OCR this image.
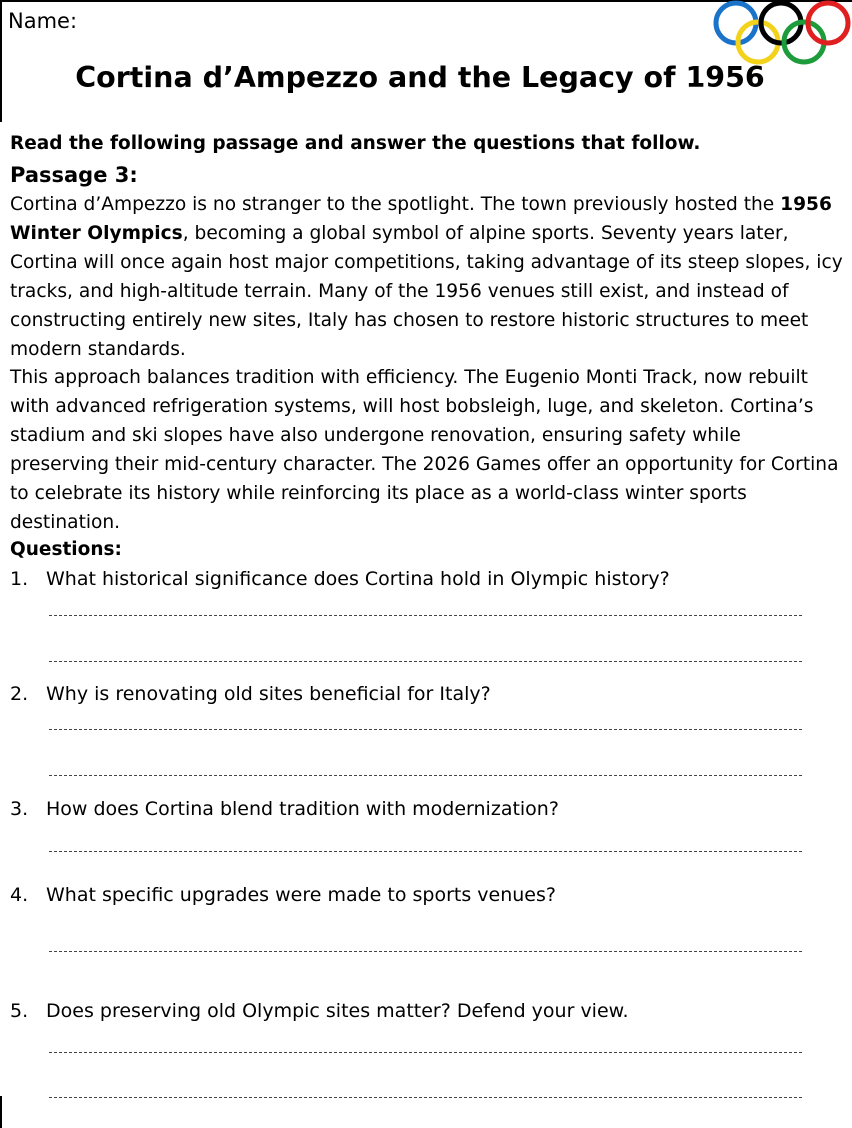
Name:
Cortina d’Ampezzo and the Legacy of 1956
Read the following passage and answer the questions that follow.
Passage 3:

Cortina d’Ampezzo is no stranger to the spotlight. The town previously hosted the 1956 Winter Olympics, becoming a global symbol of alpine sports. Seventy years later, Cortina will once again host major competitions, taking advantage of its steep slopes, icy tracks, and high-altitude terrain. Many of the 1956 venues still exist, and instead of constructing entirely new sites, Italy has chosen to restore historic structures to meet modern standards.

This approach balances tradition with efficiency. The Eugenio Monti Track, now rebuilt with advanced refrigeration systems, will host bobsleigh, luge, and skeleton. Cortina’s stadium and ski slopes have also undergone renovation, ensuring safety while preserving their mid-century character. The 2026 Games offer an opportunity for Cortina to celebrate its history while reinforcing its place as a world-class winter sports destination.

Questions:
1. What historical significance does Cortina hold in Olympic history?
2. Why is renovating old sites beneficial for Italy?
3. How does Cortina blend tradition with modernization?
4. What specific upgrades were made to sports venues?
5. Does preserving old Olympic sites matter? Defend your view.
